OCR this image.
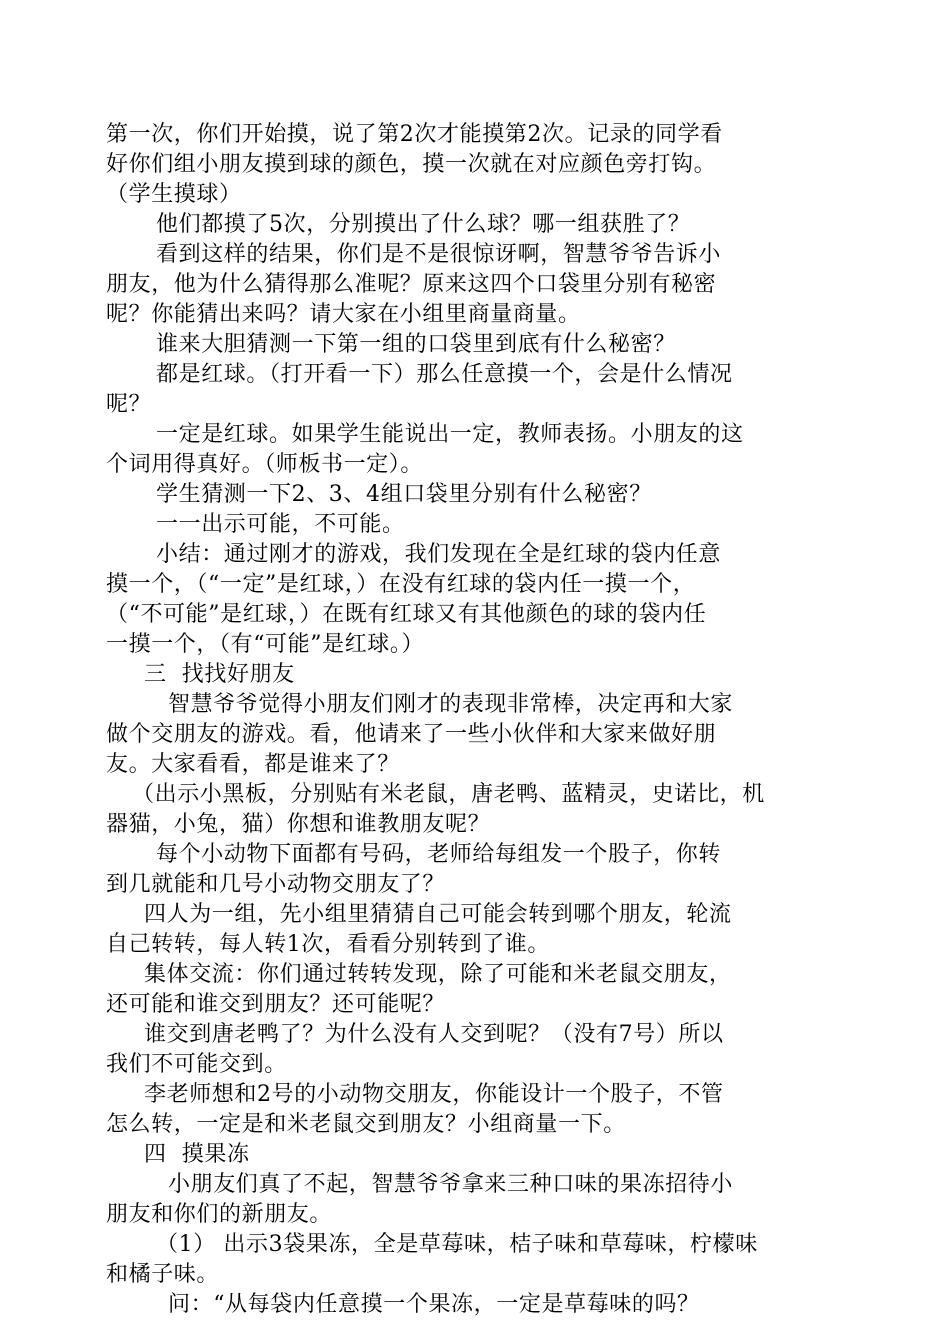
第一次，你们开始摸，说了第2次才能摸第2次。记录的同学看
好你们组小朋友摸到球的颜色，摸一次就在对应颜色旁打钩。
（学生摸球）
他们都摸了5次，分别摸出了什么球？哪一组获胜了？
看到这样的结果，你们是不是很惊讶啊，智慧爷爷告诉小
朋友，他为什么猜得那么准呢？原来这四个口袋里分别有秘密
呢？你能猜出来吗？请大家在小组里商量商量。
谁来大胆猜测一下第一组的口袋里到底有什么秘密？
都是红球。（打开看一下）那么任意摸一个，会是什么情况
呢？
一定是红球。如果学生能说出一定，教师表扬。小朋友的这
个词用得真好。（师板书一定）。
学生猜测一下2、3、4组口袋里分别有什么秘密？
一一出示可能，不可能。
小结：通过刚才的游戏，我们发现在全是红球的袋内任意
摸一个，（“一定”是红球，）在没有红球的袋内任一摸一个，
（“不可能”是红球，）在既有红球又有其他颜色的球的袋内任
一摸一个，（有“可能”是红球。）
三  找找好朋友
智慧爷爷觉得小朋友们刚才的表现非常棒，决定再和大家
做个交朋友的游戏。看，他请来了一些小伙伴和大家来做好朋
友。大家看看，都是谁来了？
（出示小黑板，分别贴有米老鼠，唐老鸭、蓝精灵，史诺比，机
器猫，小兔，猫）你想和谁教朋友呢？
每个小动物下面都有号码，老师给每组发一个股子，你转
到几就能和几号小动物交朋友了？
四人为一组，先小组里猜猜自己可能会转到哪个朋友，轮流
自己转转，每人转1次，看看分别转到了谁。
集体交流：你们通过转转发现，除了可能和米老鼠交朋友，
还可能和谁交到朋友？还可能呢？
谁交到唐老鸭了？为什么没有人交到呢？（没有7号）所以
我们不可能交到。
李老师想和2号的小动物交朋友，你能设计一个股子，不管
怎么转，一定是和米老鼠交到朋友？小组商量一下。
四  摸果冻
小朋友们真了不起，智慧爷爷拿来三种口味的果冻招待小
朋友和你们的新朋友。
（1） 出示3袋果冻，全是草莓味，桔子味和草莓味，柠檬味
和橘子味。
问：“从每袋内任意摸一个果冻，一定是草莓味的吗？
